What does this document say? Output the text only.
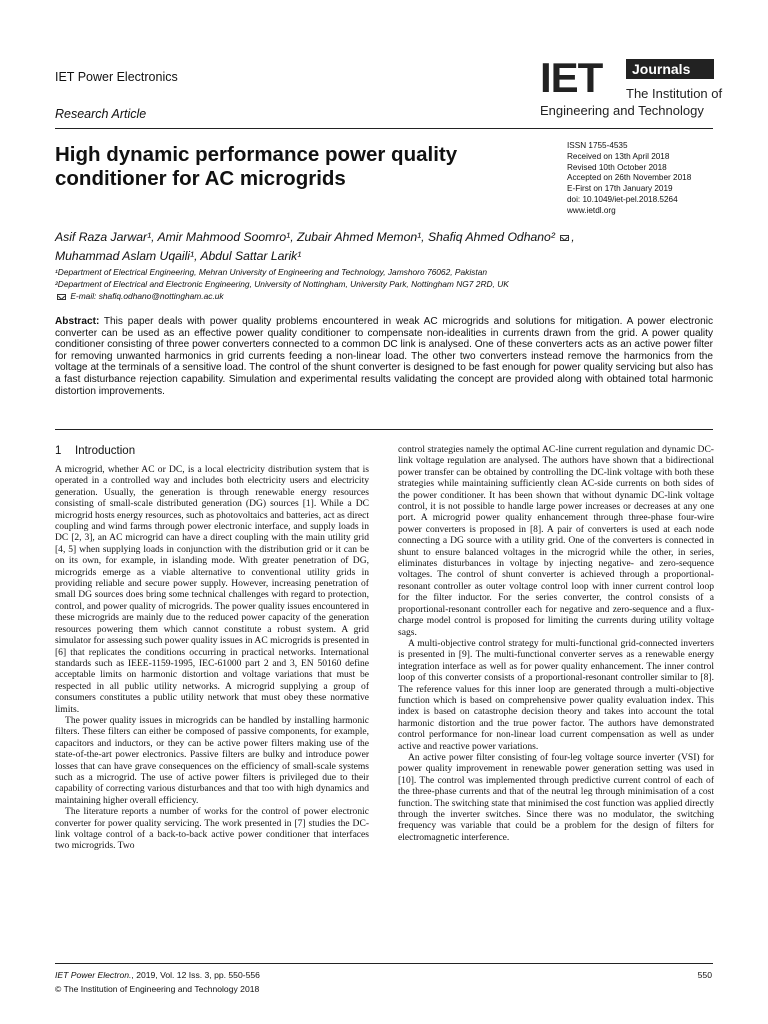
IET Power Electronics
Research Article
IET	Journals
The Institution of
Engineering and Technology
High dynamic performance power quality conditioner for AC microgrids
ISSN 1755-4535
Received on 13th April 2018
Revised 10th October 2018
Accepted on 26th November 2018
E-First on 17th January 2019
doi: 10.1049/iet-pel.2018.5264
www.ietdl.org
Asif Raza Jarwar¹, Amir Mahmood Soomro¹, Zubair Ahmed Memon¹, Shafiq Ahmed Odhano² ,
Muhammad Aslam Uqaili¹, Abdul Sattar Larik¹
¹Department of Electrical Engineering, Mehran University of Engineering and Technology, Jamshoro 76062, Pakistan
²Department of Electrical and Electronic Engineering, University of Nottingham, University Park, Nottingham NG7 2RD, UK
E-mail: shafiq.odhano@nottingham.ac.uk
Abstract: This paper deals with power quality problems encountered in weak AC microgrids and solutions for mitigation. A power electronic converter can be used as an effective power quality conditioner to compensate non-idealities in currents drawn from the grid. A power quality conditioner consisting of three power converters connected to a common DC link is analysed. One of these converters acts as an active power filter for removing unwanted harmonics in grid currents feeding a non-linear load. The other two converters instead remove the harmonics from the voltage at the terminals of a sensitive load. The control of the shunt converter is designed to be fast enough for power quality servicing but also has a fast disturbance rejection capability. Simulation and experimental results validating the concept are provided along with obtained total harmonic distortion improvements.
1 Introduction

A microgrid, whether AC or DC, is a local electricity distribution system that is operated in a controlled way and includes both electricity users and electricity generation. Usually, the generation is through renewable energy resources consisting of small-scale distributed generation (DG) sources [1]. While a DC microgrid hosts energy resources, such as photovoltaics and batteries, act as direct coupling and wind farms through power electronic interface, and supply loads in DC [2, 3], an AC microgrid can have a direct coupling with the main utility grid [4, 5] when supplying loads in conjunction with the distribution grid or it can be on its own, for example, in islanding mode. With greater penetration of DG, microgrids emerge as a viable alternative to conventional utility grids in providing reliable and secure power supply. However, increasing penetration of small DG sources does bring some technical challenges with regard to protection, control, and power quality of microgrids. The power quality issues encountered in these microgrids are mainly due to the reduced power capacity of the generation resources powering them which cannot constitute a robust system. A grid simulator for assessing such power quality issues in AC microgrids is presented in [6] that replicates the conditions occurring in practical networks. International standards such as IEEE-1159-1995, IEC-61000 part 2 and 3, EN 50160 define acceptable limits on harmonic distortion and voltage variations that must be respected in all public utility networks. A microgrid supplying a group of consumers constitutes a public utility network that must obey these normative limits.

The power quality issues in microgrids can be handled by installing harmonic filters. These filters can either be composed of passive components, for example, capacitors and inductors, or they can be active power filters making use of the state-of-the-art power electronics. Passive filters are bulky and introduce power losses that can have grave consequences on the efficiency of small-scale systems such as a microgrid. The use of active power filters is privileged due to their capability of correcting various disturbances and that too with high dynamics and maintaining higher overall efficiency.

The literature reports a number of works for the control of power electronic converter for power quality servicing. The work presented in [7] studies the DC-link voltage control of a back-to-back active power conditioner that interfaces two microgrids. Two

control strategies namely the optimal AC-line current regulation and dynamic DC-link voltage regulation are analysed. The authors have shown that a bidirectional power transfer can be obtained by controlling the DC-link voltage with both these strategies while maintaining sufficiently clean AC-side currents on both sides of the power conditioner. It has been shown that without dynamic DC-link voltage control, it is not possible to handle large power increases or decreases at any one port. A microgrid power quality enhancement through three-phase four-wire power converters is proposed in [8]. A pair of converters is used at each node connecting a DG source with a utility grid. One of the converters is connected in shunt to ensure balanced voltages in the microgrid while the other, in series, eliminates disturbances in voltage by injecting negative- and zero-sequence voltages. The control of shunt converter is achieved through a proportional-resonant controller as outer voltage control loop with inner current control loop for the filter inductor. For the series converter, the control consists of a proportional-resonant controller each for negative and zero-sequence and a flux-charge model control is proposed for limiting the currents during utility voltage sags.

A multi-objective control strategy for multi-functional grid-connected inverters is presented in [9]. The multi-functional converter serves as a renewable energy integration interface as well as for power quality enhancement. The inner control loop of this converter consists of a proportional-resonant controller similar to [8]. The reference values for this inner loop are generated through a multi-objective function which is based on comprehensive power quality evaluation index. This index is based on catastrophe decision theory and takes into account the total harmonic distortion and the true power factor. The authors have demonstrated control performance for non-linear load current compensation as well as under active and reactive power variations.

An active power filter consisting of four-leg voltage source inverter (VSI) for power quality improvement in renewable power generation setting was used in [10]. The control was implemented through predictive current control of each of the three-phase currents and that of the neutral leg through minimisation of a cost function. The switching state that minimised the cost function was applied directly through the inverter switches. Since there was no modulator, the switching frequency was variable that could be a problem for the design of filters for electromagnetic interference.

IET Power Electron., 2019, Vol. 12 Iss. 3, pp. 550-556
© The Institution of Engineering and Technology 2018
550
